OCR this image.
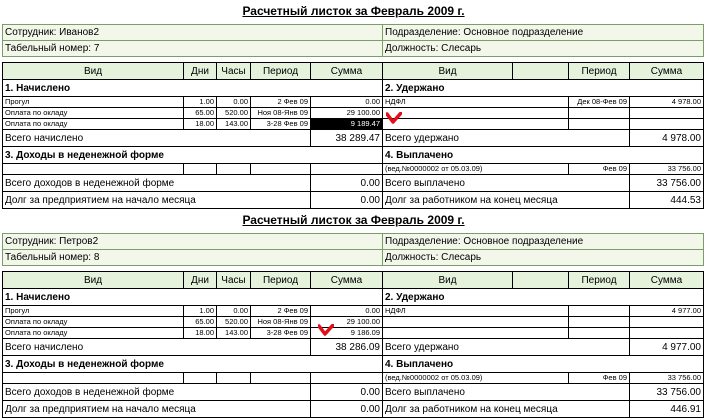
Расчетный листок за Февраль 2009 г.
Сотрудник: Иванов2	Подразделение: Основное подразделение
Табельный номер: 7	Должность: Слесарь
Вид	Дни	Часы	Период	Сумма	Вид		Период	Сумма
1. Начислено					2. Удержано			
Прогул	1.00	0.00	2 Фев 09	0.00	НДФЛ		Дек 08-Фев 09	4 978.00
Оплата по окладу	65.00	520.00	Ноя 08-Янв 09	29 100.00				
Оплата по окладу	18.00	143.00	3-28 Фев 09	9 189.47				
Всего начислено				38 289.47	Всего удержано			4 978.00
3. Доходы в неденежной форме					4. Выплачено			
					(вед.№0000002 от 05.03.09)		Фев 09	33 756.00
Всего доходов в неденежной форме				0.00	Всего выплачено			33 756.00
Долг за предприятием на начало месяца				0.00	Долг за работником на конец месяца			444.53
Расчетный листок за Февраль 2009 г.
Сотрудник: Петров2	Подразделение: Основное подразделение
Табельный номер: 8	Должность: Слесарь
Вид	Дни	Часы	Период	Сумма	Вид		Период	Сумма
1. Начислено					2. Удержано			
Прогул	1.00	0.00	2 Фев 09	0.00	НДФЛ			4 977.00
Оплата по окладу	65.00	520.00	Ноя 08-Янв 09	29 100.00				
Оплата по окладу	18.00	143.00	3-28 Фев 09	9 186.09				
Всего начислено				38 286.09	Всего удержано			4 977.00
3. Доходы в неденежной форме					4. Выплачено			
					(вед.№0000002 от 05.03.09)		Фев 09	33 756.00
Всего доходов в неденежной форме				0.00	Всего выплачено			33 756.00
Долг за предприятием на начало месяца				0.00	Долг за работником на конец месяца			446.91
